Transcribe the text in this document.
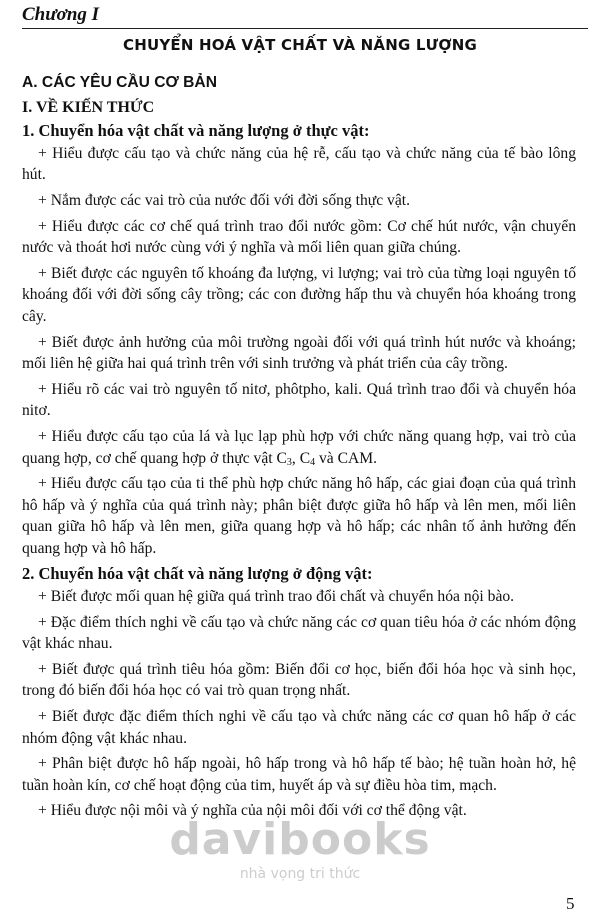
Chương I
CHUYỂN HOÁ VẬT CHẤT VÀ NĂNG LƯỢNG
A. CÁC YÊU CẦU CƠ BẢN
I. VỀ KIẾN THỨC
1. Chuyển hóa vật chất và năng lượng ở thực vật:

+ Hiểu được cấu tạo và chức năng của hệ rễ, cấu tạo và chức năng của tế bào lông hút.

+ Nắm được các vai trò của nước đối với đời sống thực vật.

+ Hiểu được các cơ chế quá trình trao đổi nước gồm: Cơ chế hút nước, vận chuyển nước và thoát hơi nước cùng với ý nghĩa và mối liên quan giữa chúng.

+ Biết được các nguyên tố khoáng đa lượng, vi lượng; vai trò của từng loại nguyên tố khoáng đối với đời sống cây trồng; các con đường hấp thu và chuyển hóa khoáng trong cây.

+ Biết được ảnh hưởng của môi trường ngoài đối với quá trình hút nước và khoáng; mối liên hệ giữa hai quá trình trên với sinh trưởng và phát triển của cây trồng.

+ Hiểu rõ các vai trò nguyên tố nitơ, phôtpho, kali. Quá trình trao đổi và chuyển hóa nitơ.

+ Hiểu được cấu tạo của lá và lục lạp phù hợp với chức năng quang hợp, vai trò của quang hợp, cơ chế quang hợp ở thực vật $C_3$, $C_4$ và CAM.

+ Hiểu được cấu tạo của ti thể phù hợp chức năng hô hấp, các giai đoạn của quá trình hô hấp và ý nghĩa của quá trình này; phân biệt được giữa hô hấp và lên men, mối liên quan giữa hô hấp và lên men, giữa quang hợp và hô hấp; các nhân tố ảnh hưởng đến quang hợp và hô hấp.

2. Chuyển hóa vật chất và năng lượng ở động vật:

+ Biết được mối quan hệ giữa quá trình trao đổi chất và chuyển hóa nội bào.

+ Đặc điểm thích nghi về cấu tạo và chức năng các cơ quan tiêu hóa ở các nhóm động vật khác nhau.

+ Biết được quá trình tiêu hóa gồm: Biến đổi cơ học, biến đổi hóa học và sinh học, trong đó biến đổi hóa học có vai trò quan trọng nhất.

+ Biết được đặc điểm thích nghi về cấu tạo và chức năng các cơ quan hô hấp ở các nhóm động vật khác nhau.

+ Phân biệt được hô hấp ngoài, hô hấp trong và hô hấp tế bào; hệ tuần hoàn hở, hệ tuần hoàn kín, cơ chế hoạt động của tim, huyết áp và sự điều hòa tim, mạch.

+ Hiểu được nội môi và ý nghĩa của nội môi đối với cơ thể động vật.

davibooks
nhà vọng tri thức
5
